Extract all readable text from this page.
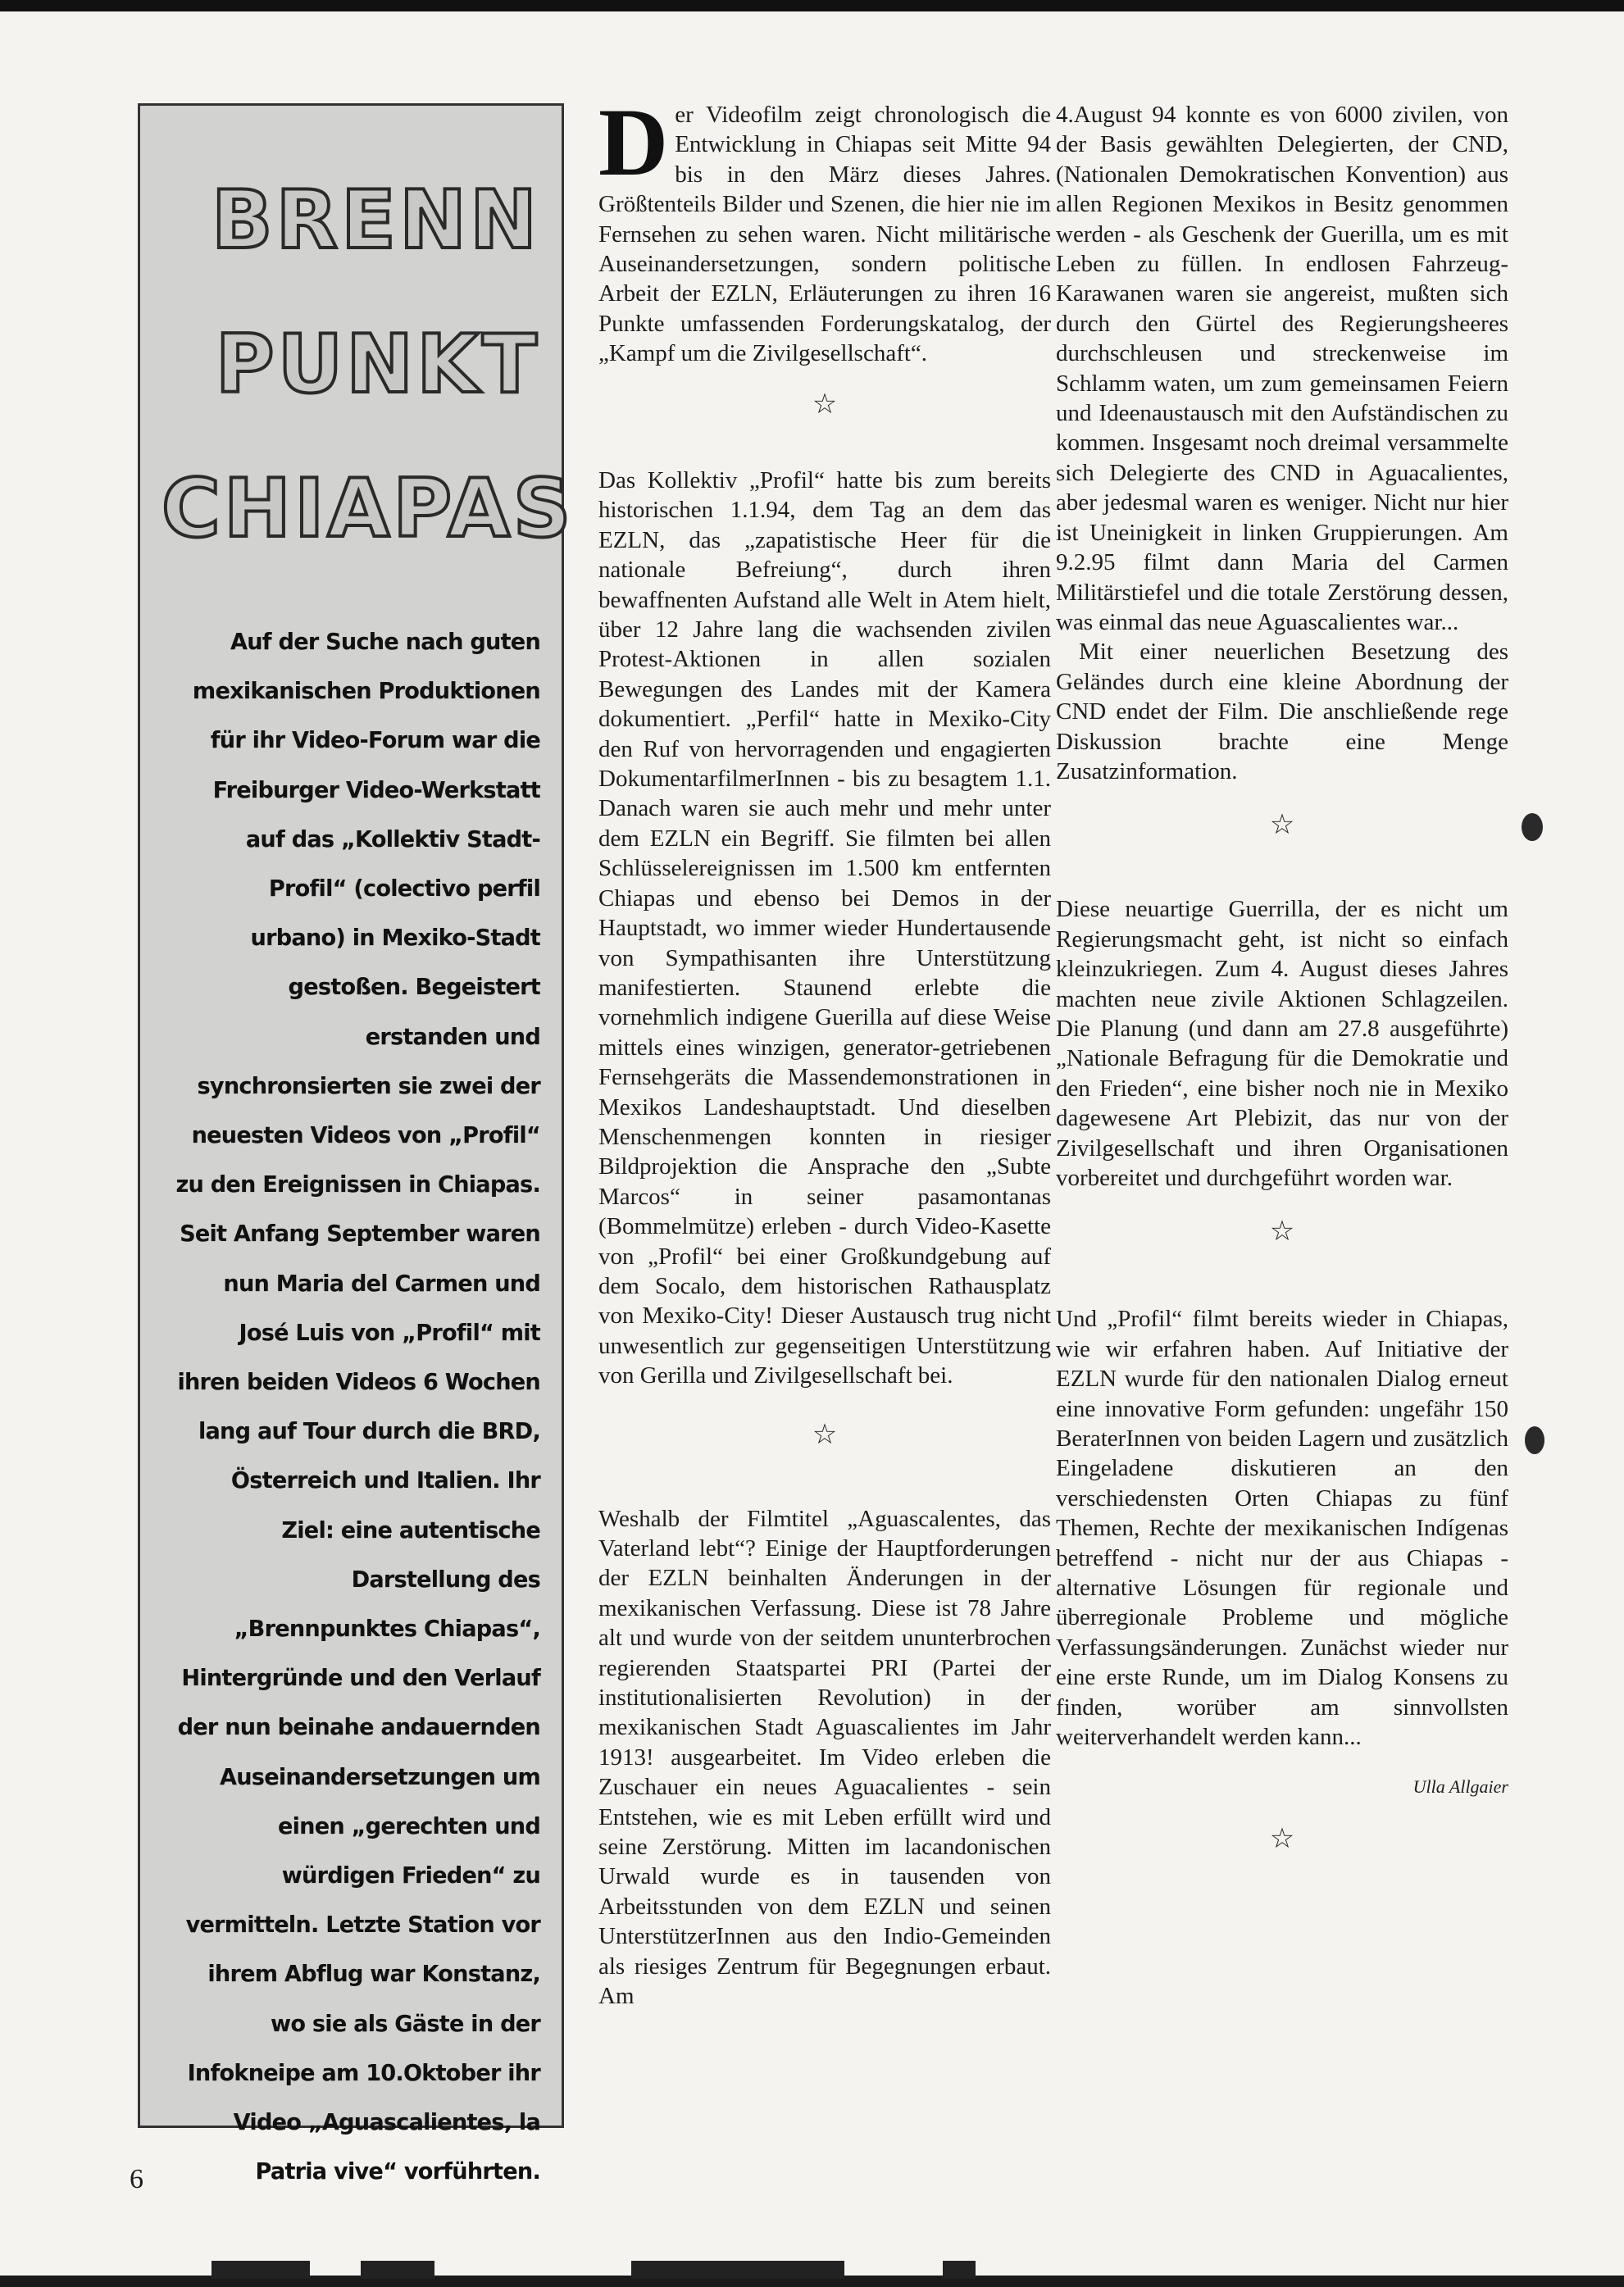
BRENN
PUNKT
CHIAPAS

Auf der Suche nach guten mexikanischen Produktionen für ihr Video-Forum war die Freiburger Video-Werkstatt auf das „Kollektiv Stadt-Profil“ (colectivo perfil urbano) in Mexiko-Stadt gestoßen. Begeistert erstanden und synchronsierten sie zwei der neuesten Videos von „Profil“ zu den Ereignissen in Chiapas. Seit Anfang September waren nun Maria del Carmen und José Luis von „Profil“ mit ihren beiden Videos 6 Wochen lang auf Tour durch die BRD, Österreich und Italien. Ihr Ziel: eine autentische Darstellung des „Brennpunktes Chiapas“, Hintergründe und den Verlauf der nun beinahe andauernden Auseinandersetzungen um einen „gerechten und würdigen Frieden“ zu vermitteln. Letzte Station vor ihrem Abflug war Konstanz, wo sie als Gäste in der Infokneipe am 10.Oktober ihr Video „Aguascalientes, la Patria vive“ vorführten.

Der Videofilm zeigt chronologisch die Entwicklung in Chiapas seit Mitte 94 bis in den März dieses Jahres. Größtenteils Bilder und Szenen, die hier nie im Fernsehen zu sehen waren. Nicht militärische Auseinandersetzungen, sondern politische Arbeit der EZLN, Erläuterungen zu ihren 16 Punkte umfassenden Forderungskatalog, der „Kampf um die Zivilgesellschaft“.

☆

Das Kollektiv „Profil“ hatte bis zum bereits historischen 1.1.94, dem Tag an dem das EZLN, das „zapatistische Heer für die nationale Befreiung“, durch ihren bewaffnenten Aufstand alle Welt in Atem hielt, über 12 Jahre lang die wachsenden zivilen Protest-Aktionen in allen sozialen Bewegungen des Landes mit der Kamera dokumentiert. „Perfil“ hatte in Mexiko-City den Ruf von hervorragenden und engagierten DokumentarfilmerInnen - bis zu besagtem 1.1. Danach waren sie auch mehr und mehr unter dem EZLN ein Begriff. Sie filmten bei allen Schlüsselereignissen im 1.500 km entfernten Chiapas und ebenso bei Demos in der Hauptstadt, wo immer wieder Hundertausende von Sympathisanten ihre Unterstützung manifestierten. Staunend erlebte die vornehmlich indigene Guerilla auf diese Weise mittels eines winzigen, generator-getriebenen Fernsehgeräts die Massendemonstrationen in Mexikos Landeshauptstadt. Und dieselben Menschenmengen konnten in riesiger Bildprojektion die Ansprache den „Subte Marcos“ in seiner pasamontanas (Bommelmütze) erleben - durch Video-Kasette von „Profil“ bei einer Großkundgebung auf dem Socalo, dem historischen Rathausplatz von Mexiko-City! Dieser Austausch trug nicht unwesentlich zur gegenseitigen Unterstützung von Gerilla und Zivilgesellschaft bei.

☆

Weshalb der Filmtitel „Aguascalentes, das Vaterland lebt“? Einige der Hauptforderungen der EZLN beinhalten Änderungen in der mexikanischen Verfassung. Diese ist 78 Jahre alt und wurde von der seitdem ununterbrochen regierenden Staatspartei PRI (Partei der institutionalisierten Revolution) in der mexikanischen Stadt Aguascalientes im Jahr 1913! ausgearbeitet. Im Video erleben die Zuschauer ein neues Aguacalientes - sein Entstehen, wie es mit Leben erfüllt wird und seine Zerstörung. Mitten im lacandonischen Urwald wurde es in tausenden von Arbeitsstunden von dem EZLN und seinen UnterstützerInnen aus den Indio-Gemeinden als riesiges Zentrum für Begegnungen erbaut. Am

4.August 94 konnte es von 6000 zivilen, von der Basis gewählten Delegierten, der CND, (Nationalen Demokratischen Konvention) aus allen Regionen Mexikos in Besitz genommen werden - als Geschenk der Guerilla, um es mit Leben zu füllen. In endlosen Fahrzeug-Karawanen waren sie angereist, mußten sich durch den Gürtel des Regierungsheeres durchschleusen und streckenweise im Schlamm waten, um zum gemeinsamen Feiern und Ideenaustausch mit den Aufständischen zu kommen. Insgesamt noch dreimal versammelte sich Delegierte des CND in Aguacalientes, aber jedesmal waren es weniger. Nicht nur hier ist Uneinigkeit in linken Gruppierungen. Am 9.2.95 filmt dann Maria del Carmen Militärstiefel und die totale Zerstörung dessen, was einmal das neue Aguascalientes war...

Mit einer neuerlichen Besetzung des Geländes durch eine kleine Abordnung der CND endet der Film. Die anschließende rege Diskussion brachte eine Menge Zusatzinformation.

☆

Diese neuartige Guerrilla, der es nicht um Regierungsmacht geht, ist nicht so einfach kleinzukriegen. Zum 4. August dieses Jahres machten neue zivile Aktionen Schlagzeilen. Die Planung (und dann am 27.8 ausgeführte) „Nationale Befragung für die Demokratie und den Frieden“, eine bisher noch nie in Mexiko dagewesene Art Plebizit, das nur von der Zivilgesellschaft und ihren Organisationen vorbereitet und durchgeführt worden war.

☆

Und „Profil“ filmt bereits wieder in Chiapas, wie wir erfahren haben. Auf Initiative der EZLN wurde für den nationalen Dialog erneut eine innovative Form gefunden: ungefähr 150 BeraterInnen von beiden Lagern und zusätzlich Eingeladene diskutieren an den verschiedensten Orten Chiapas zu fünf Themen, Rechte der mexikanischen Indígenas betreffend - nicht nur der aus Chiapas - alternative Lösungen für regionale und überregionale Probleme und mögliche Verfassungsänderungen. Zunächst wieder nur eine erste Runde, um im Dialog Konsens zu finden, worüber am sinnvollsten weiterverhandelt werden kann...

Ulla Allgaier
☆
6
